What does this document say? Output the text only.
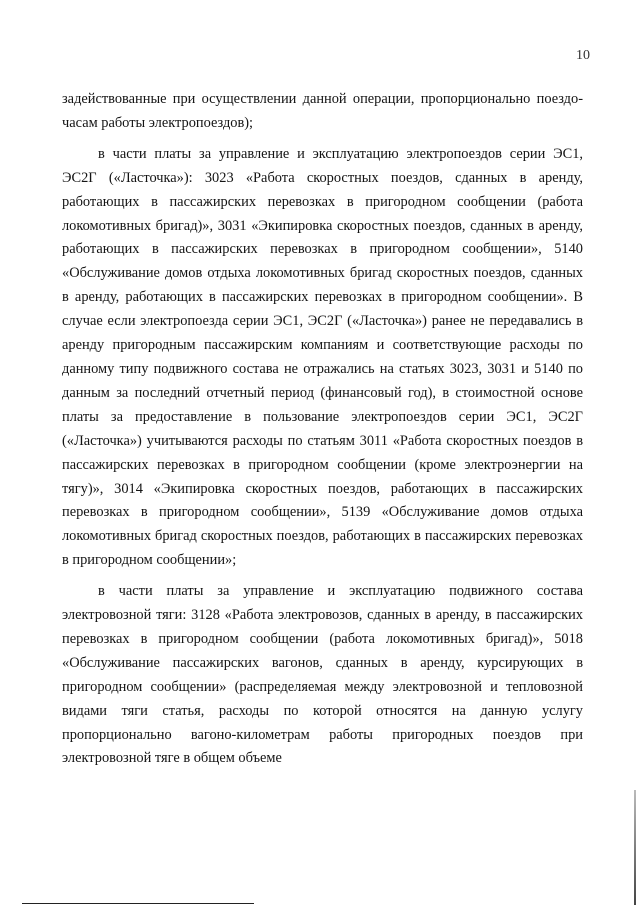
10

задействованные при осуществлении данной операции, пропорционально поездо-часам работы электропоездов);

в части платы за управление и эксплуатацию электропоездов серии ЭС1, ЭС2Г («Ласточка»): 3023 «Работа скоростных поездов, сданных в аренду, работающих в пассажирских перевозках в пригородном сообщении (работа локомотивных бригад)», 3031 «Экипировка скоростных поездов, сданных в аренду, работающих в пассажирских перевозках в пригородном сообщении», 5140 «Обслуживание домов отдыха локомотивных бригад скоростных поездов, сданных в аренду, работающих в пассажирских перевозках в пригородном сообщении». В случае если электропоезда серии ЭС1, ЭС2Г («Ласточка») ранее не передавались в аренду пригородным пассажирским компаниям и соответствующие расходы по данному типу подвижного состава не отражались на статьях 3023, 3031 и 5140 по данным за последний отчетный период (финансовый год), в стоимостной основе платы за предоставление в пользование электропоездов серии ЭС1, ЭС2Г («Ласточка») учитываются расходы по статьям 3011 «Работа скоростных поездов в пассажирских перевозках в пригородном сообщении (кроме электроэнергии на тягу)», 3014 «Экипировка скоростных поездов, работающих в пассажирских перевозках в пригородном сообщении», 5139 «Обслуживание домов отдыха локомотивных бригад скоростных поездов, работающих в пассажирских перевозках в пригородном сообщении»;

в части платы за управление и эксплуатацию подвижного состава электровозной тяги: 3128 «Работа электровозов, сданных в аренду, в пассажирских перевозках в пригородном сообщении (работа локомотивных бригад)», 5018 «Обслуживание пассажирских вагонов, сданных в аренду, курсирующих в пригородном сообщении» (распределяемая между электровозной и тепловозной видами тяги статья, расходы по которой относятся на данную услугу пропорционально вагоно-километрам работы пригородных поездов при электровозной тяге в общем объеме
